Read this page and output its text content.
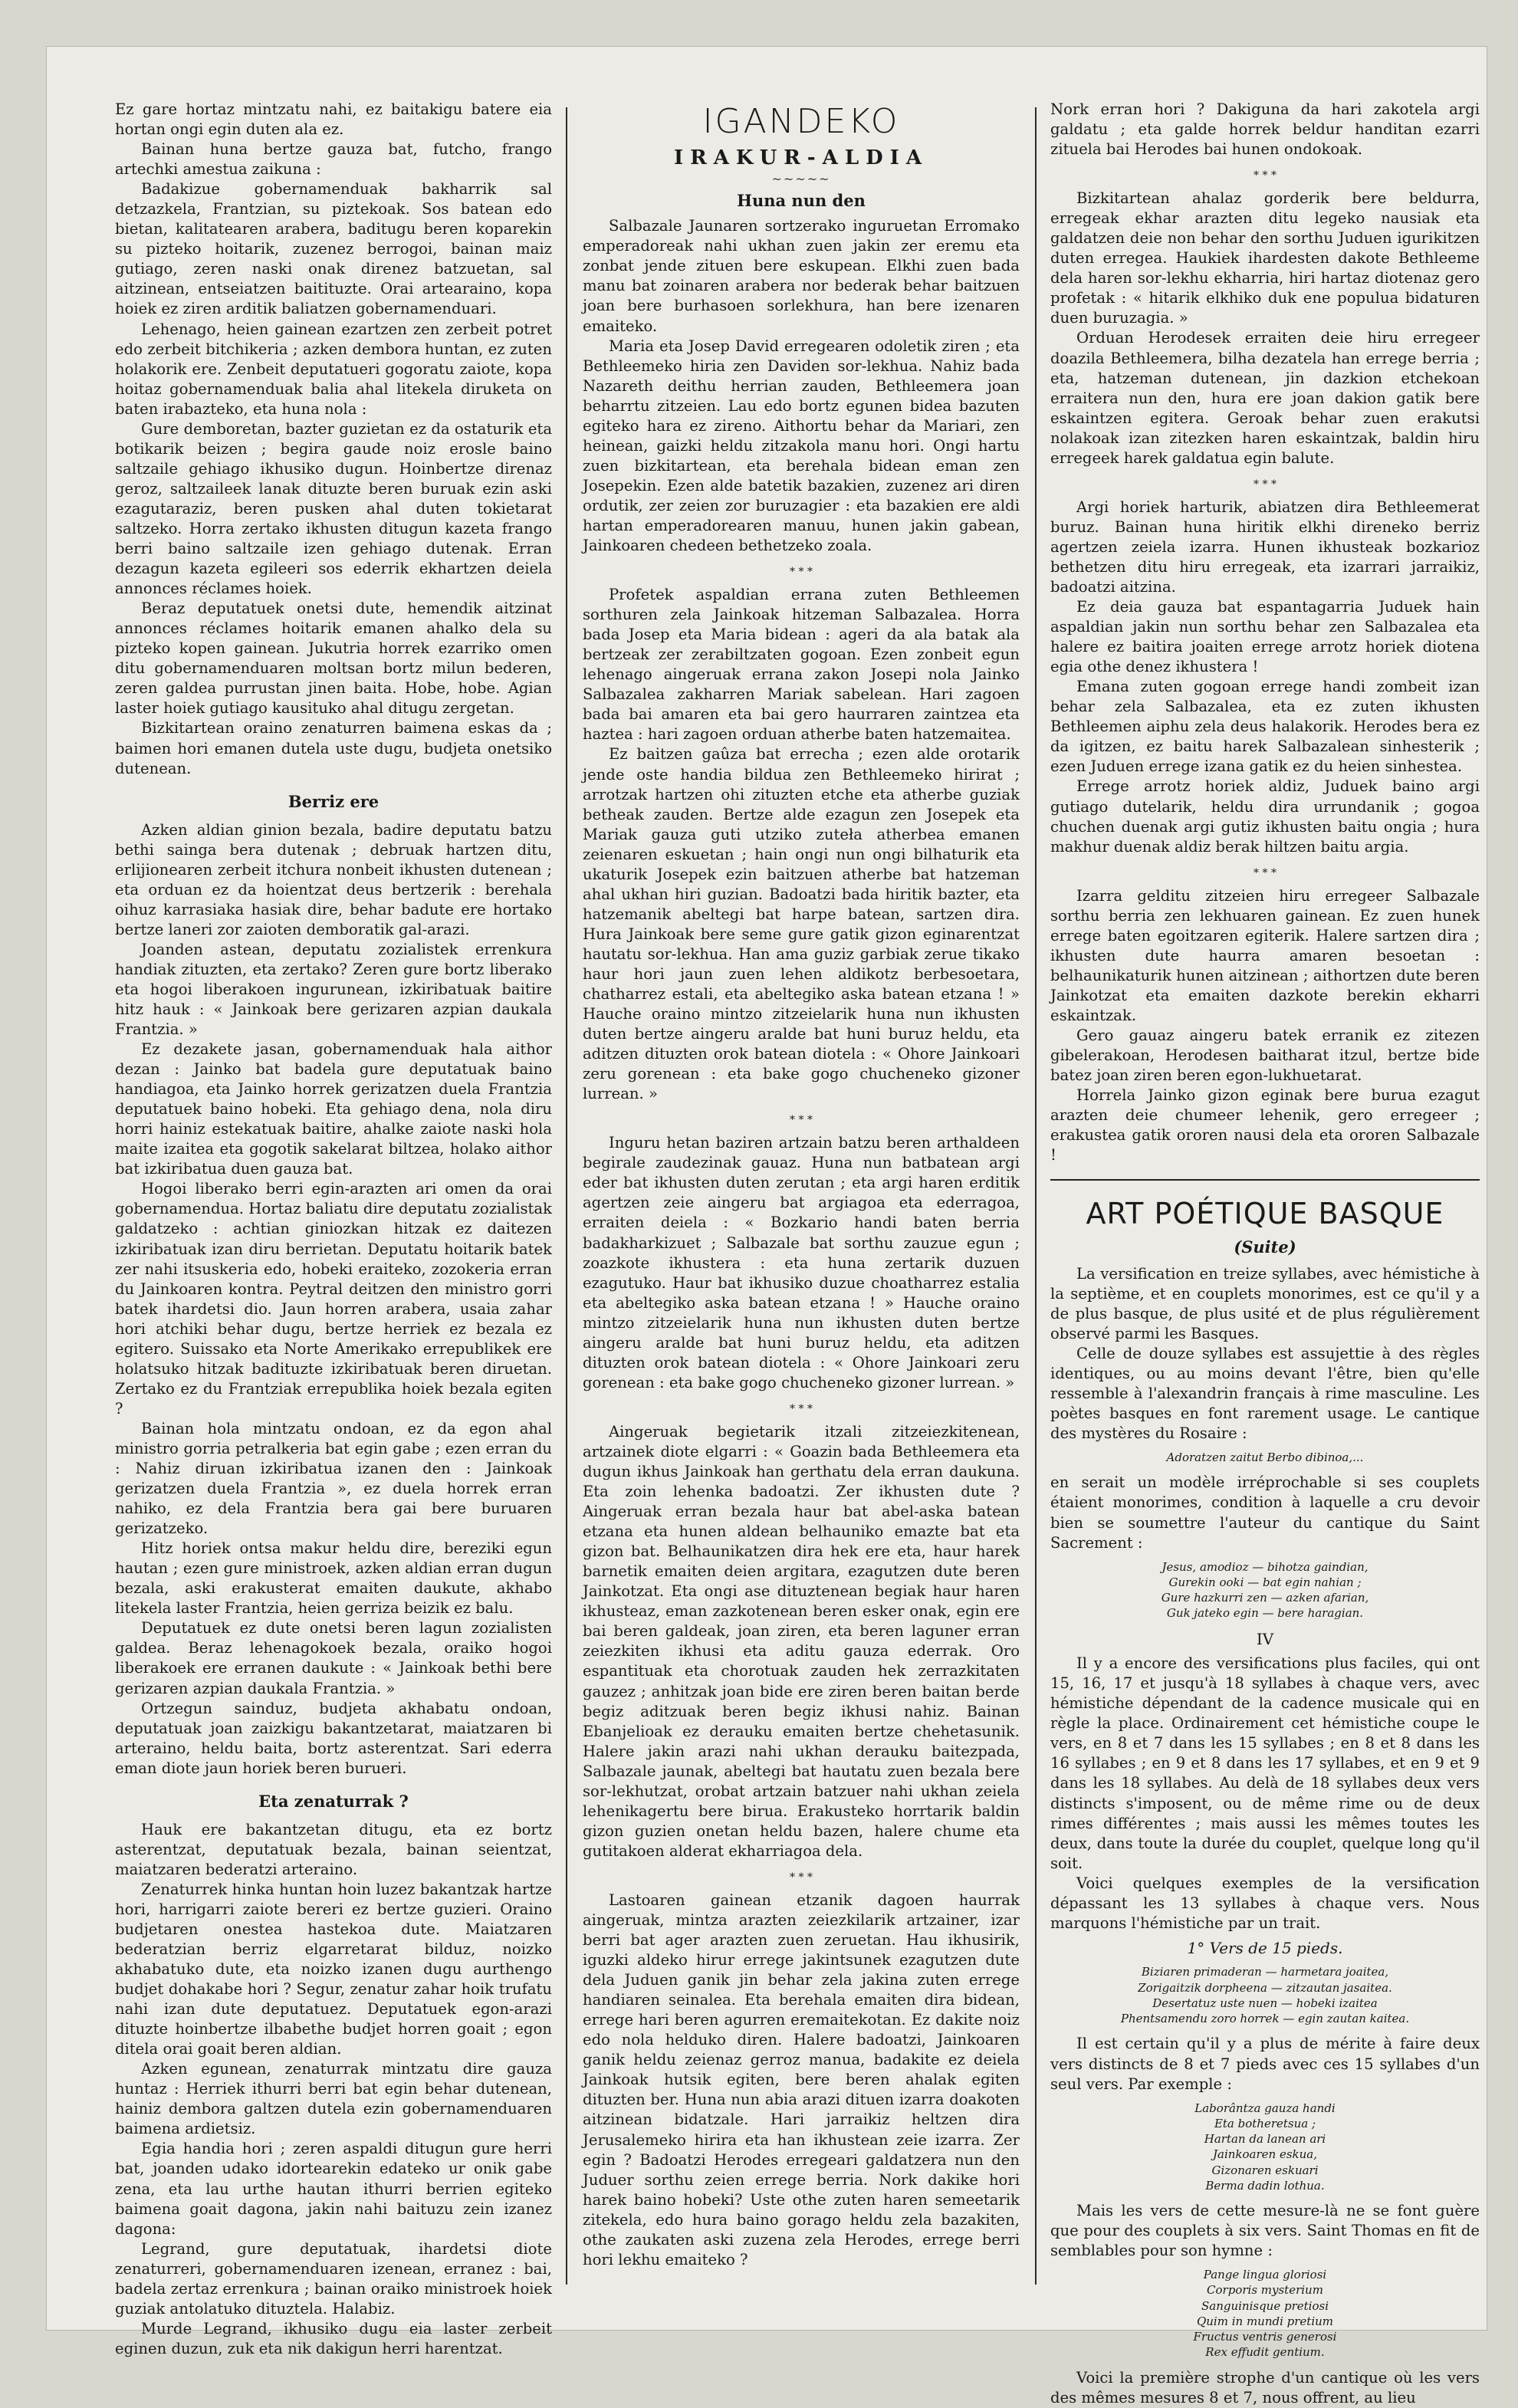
Ez gare hortaz mintzatu nahi, ez baitakigu batere eia hortan ongi egin duten ala ez.

Bainan huna bertze gauza bat, futcho, frango artechki amestua zaikuna :

Badakizue gobernamenduak bakharrik sal detzazkela, Frantzian, su piztekoak. Sos batean edo bietan, kalitatearen arabera, baditugu beren koparekin su pizteko hoitarik, zuzenez berrogoi, bainan maiz gutiago, zeren naski onak direnez batzuetan, sal aitzinean, entseiatzen baitituzte. Orai artearaino, kopa hoiek ez ziren arditik baliatzen gobernamenduari.

Lehenago, heien gainean ezartzen zen zerbeit potret edo zerbeit bitchikeria ; azken dembora huntan, ez zuten holakorik ere. Zenbeit deputatueri gogoratu zaiote, kopa hoitaz gobernamenduak balia ahal litekela diruketa on baten irabazteko, eta huna nola :

Gure demboretan, bazter guzietan ez da ostaturik eta botikarik beizen ; begira gaude noiz erosle baino saltzaile gehiago ikhusiko dugun. Hoinbertze direnaz geroz, saltzaileek lanak dituzte beren buruak ezin aski ezagutaraziz, beren pusken ahal duten tokietarat saltzeko. Horra zertako ikhusten ditugun kazeta frango berri baino saltzaile izen gehiago dutenak. Erran dezagun kazeta egileeri sos ederrik ekhartzen deiela annonces réclames hoiek.

Beraz deputatuek onetsi dute, hemendik aitzinat annonces réclames hoitarik emanen ahalko dela su pizteko kopen gainean. Jukutria horrek ezarriko omen ditu gobernamenduaren moltsan bortz milun bederen, zeren galdea purrustan jinen baita. Hobe, hobe. Agian laster hoiek gutiago kausituko ahal ditugu zergetan.

Bizkitartean oraino zenaturren baimena eskas da ; baimen hori emanen dutela uste dugu, budjeta onetsiko dutenean.

Berriz ere

Azken aldian ginion bezala, badire deputatu batzu bethi sainga bera dutenak ; debruak hartzen ditu, erlijionearen zerbeit itchura nonbeit ikhusten dutenean ; eta orduan ez da hoientzat deus bertzerik : berehala oihuz karrasiaka hasiak dire, behar badute ere hortako bertze laneri zor zaioten demboratik gal-arazi.

Joanden astean, deputatu zozialistek errenkura handiak zituzten, eta zertako? Zeren gure bortz liberako eta hogoi liberakoen ingurunean, izkiribatuak baitire hitz hauk : « Jainkoak bere gerizaren azpian daukala Frantzia. »

Ez dezakete jasan, gobernamenduak hala aithor dezan : Jainko bat badela gure deputatuak baino handiagoa, eta Jainko horrek gerizatzen duela Frantzia deputatuek baino hobeki. Eta gehiago dena, nola diru horri hainiz estekatuak baitire, ahalke zaiote naski hola maite izaitea eta gogotik sakelarat biltzea, holako aithor bat izkiribatua duen gauza bat.

Hogoi liberako berri egin-arazten ari omen da orai gobernamendua. Hortaz baliatu dire deputatu zozialistak galdatzeko : achtian giniozkan hitzak ez daitezen izkiribatuak izan diru berrietan. Deputatu hoitarik batek zer nahi itsuskeria edo, hobeki eraiteko, zozokeria erran du Jainkoaren kontra. Peytral deitzen den ministro gorri batek ihardetsi dio. Jaun horren arabera, usaia zahar hori atchiki behar dugu, bertze herriek ez bezala ez egitero. Suissako eta Norte Amerikako errepublikek ere holatsuko hitzak badituzte izkiribatuak beren diruetan. Zertako ez du Frantziak errepublika hoiek bezala egiten ?

Bainan hola mintzatu ondoan, ez da egon ahal ministro gorria petralkeria bat egin gabe ; ezen erran du : Nahiz diruan izkiribatua izanen den : Jainkoak gerizatzen duela Frantzia », ez duela horrek erran nahiko, ez dela Frantzia bera gai bere buruaren gerizatzeko.

Hitz horiek ontsa makur heldu dire, bereziki egun hautan ; ezen gure ministroek, azken aldian erran dugun bezala, aski erakusterat emaiten daukute, akhabo litekela laster Frantzia, heien gerriza beizik ez balu.

Deputatuek ez dute onetsi beren lagun zozialisten galdea. Beraz lehenagokoek bezala, oraiko hogoi liberakoek ere erranen daukute : « Jainkoak bethi bere gerizaren azpian daukala Frantzia. »

Ortzegun sainduz, budjeta akhabatu ondoan, deputatuak joan zaizkigu bakantzetarat, maiatzaren bi arteraino, heldu baita, bortz asterentzat. Sari ederra eman diote jaun horiek beren burueri.

Eta zenaturrak ?

Hauk ere bakantzetan ditugu, eta ez bortz asterentzat, deputatuak bezala, bainan seientzat, maiatzaren bederatzi arteraino.

Zenaturrek hinka huntan hoin luzez bakantzak hartze hori, harrigarri zaiote bereri ez bertze guzieri. Oraino budjetaren onestea hastekoa dute. Maiatzaren bederatzian berriz elgarretarat bilduz, noizko akhabatuko dute, eta noizko izanen dugu aurthengo budjet dohakabe hori ? Segur, zenatur zahar hoik trufatu nahi izan dute deputatuez. Deputatuek egon-arazi dituzte hoinbertze ilbabethe budjet horren goait ; egon ditela orai goait beren aldian.

Azken egunean, zenaturrak mintzatu dire gauza huntaz : Herriek ithurri berri bat egin behar dutenean, hainiz dembora galtzen dutela ezin gobernamenduaren baimena ardietsiz.

Egia handia hori ; zeren aspaldi ditugun gure herri bat, joanden udako idortearekin edateko ur onik gabe zena, eta lau urthe hautan ithurri berrien egiteko baimena goait dagona, jakin nahi baituzu zein izanez dagona:

Legrand, gure deputatuak, ihardetsi diote zenaturreri, gobernamenduaren izenean, erranez : bai, badela zertaz errenkura ; bainan oraiko ministroek hoiek guziak antolatuko dituztela. Halabiz.

Murde Legrand, ikhusiko dugu eia laster zerbeit eginen duzun, zuk eta nik dakigun herri harentzat.

IGANDEKO
IRAKUR-ALDIA
~~~~~
Huna nun den

Salbazale Jaunaren sortzerako inguruetan Erromako emperadoreak nahi ukhan zuen jakin zer eremu eta zonbat jende zituen bere eskupean. Elkhi zuen bada manu bat zoinaren arabera nor bederak behar baitzuen joan bere burhasoen sorlekhura, han bere izenaren emaiteko.

Maria eta Josep David erregearen odoletik ziren ; eta Bethleemeko hiria zen Daviden sor-lekhua. Nahiz bada Nazareth deithu herrian zauden, Bethleemera joan beharrtu zitzeien. Lau edo bortz egunen bidea bazuten egiteko hara ez zireno. Aithortu behar da Mariari, zen heinean, gaizki heldu zitzakola manu hori. Ongi hartu zuen bizkitartean, eta berehala bidean eman zen Josepekin. Ezen alde batetik bazakien, zuzenez ari diren ordutik, zer zeien zor buruzagier : eta bazakien ere aldi hartan emperadorearen manuu, hunen jakin gabean, Jainkoaren chedeen bethetzeko zoala.

* * *

Profetek aspaldian errana zuten Bethleemen sorthuren zela Jainkoak hitzeman Salbazalea. Horra bada Josep eta Maria bidean : ageri da ala batak ala bertzeak zer zerabiltzaten gogoan. Ezen zonbeit egun lehenago aingeruak errana zakon Josepi nola Jainko Salbazalea zakharren Mariak sabelean. Hari zagoen bada bai amaren eta bai gero haurraren zaintzea eta haztea : hari zagoen orduan atherbe baten hatzemaitea.

Ez baitzen gaûza bat errecha ; ezen alde orotarik jende oste handia bildua zen Bethleemeko hirirat ; arrotzak hartzen ohi zituzten etche eta atherbe guziak betheak zauden. Bertze alde ezagun zen Josepek eta Mariak gauza guti utziko zuteła atherbea emanen zeienaren eskuetan ; hain ongi nun ongi bilhaturik eta ukaturik Josepek ezin baitzuen atherbe bat hatzeman ahal ukhan hiri guzian. Badoatzi bada hiritik bazter, eta hatzemanik abeltegi bat harpe batean, sartzen dira. Hura Jainkoak bere seme gure gatik gizon eginarentzat hautatu sor-lekhua. Han ama guziz garbiak zerue tikako haur hori jaun zuen lehen aldikotz berbesoetara, chatharrez estali, eta abeltegiko aska batean etzana ! » Hauche oraino mintzo zitzeielarik huna nun ikhusten duten bertze aingeru araldе bat huni buruz heldu, eta aditzen dituzten orok batean diotela : « Ohore Jainkoari zeru gorenean : eta bake gogo chucheneko gizoner lurrean. »

* * *

Inguru hetan bazirеn artzain batzu beren arthaldeen begirale zaudezinak gauaz. Huna nun batbatean argi eder bat ikhusten duten zerutan ; eta argi haren erditik agertzen zeie aingeru bat argiagoa eta ederragoa, erraiten deiela : « Bozkario handi baten berria badakharkizuet ; Salbazale bat sorthu zauzue egun ; zoazkote ikhustera : eta huna zertarik duzuen ezagutuko. Haur bat ikhusiko duzue choatharrez estalia eta abeltegiko aska batean etzana ! » Hauche oraino mintzo zitzeielarik huna nun ikhusten duten bertze aingeru aralde bat huni buruz heldu, eta aditzen dituzten orok batean diotela : « Ohore Jainkoari zeru gorenean : eta bake gogo chucheneko gizoner lurrean. »

* * *

Aingeruak begietarik itzali zitzeiezkitenean, artzainek diote elgarri : « Goazin bada Bethleemera eta dugun ikhus Jainkoak han gerthatu dela erran daukuna. Eta zoin lehenka badoatzi. Zer ikhusten dute ? Aingeruak erran bezala haur bat abel-aska batean etzana eta hunen aldean belhauniko emazte bat eta gizon bat. Belhaunikatzen dira hek ere eta, haur harek barnetik emaiten deien argitara, ezagutzen dute beren Jainkotzat. Eta ongi ase dituztenean begiak haur haren ikhusteaz, eman zazkotenean beren esker onak, egin ere bai beren galdeak, joan ziren, eta beren laguner erran zeiezkiten ikhusi eta aditu gauza ederrak. Oro espantituak eta chorotuak zauden hek zerrazkitaten gauzez ; anhitzak joan bide ere ziren beren baitan berde begiz aditzuak beren begiz ikhusi nahiz. Bainan Ebanjelioak ez derauku emaiten bertze chehetasunik. Halere jakin arazi nahi ukhan derauku baitezpada, Salbazale jaunak, abeltegi bat hautatu zuen bezala bere sor-lekhutzat, orobat artzain batzuer nahi ukhan zeiela lehenikagertu bere birua. Erakusteko horrtarik baldin gizon guzien onetan heldu bazen, halere chume eta gutitakoen alderat ekharriagoa dela.

* * *

Lastoaren gainean etzanik dagoen haurrak aingeruak, mintza arazten zeiezkilarik artzainer, izar berri bat ager arazten zuen zeruetan. Hau ikhusirik, iguzki aldeko hirur errege jakintsunek ezagutzen dute dela Juduen ganik jin behar zela jakina zuten errege handiaren seinalea. Eta berehala emaiten dira bidean, errege hari beren agurren eremaitekotan. Ez dakite noiz edo nola helduko diren. Halere badoatzi, Jainkoaren ganik heldu zeienaz gerroz manua, badakite ez deiela Jainkoak hutsik egiten, bere beren ahalak egiten dituzten ber. Huna nun abia arazi dituen izarra doakoten aitzinean bidatzale. Hari jarraikiz heltzen dira Jerusalemeko hirira eta han ikhustean zeie izarra. Zer egin ? Badoatzi Herodes erregeari galdatzera nun den Juduer sorthu zeien errege berria. Nork dakike hori harek baino hobeki? Uste othe zuten haren semeetarik zitekela, edo hura baino gorago heldu zela bazakiten, othe zaukaten aski zuzena zela Herodes, errege berri hori lekhu emaiteko ?

Nork erran hori ? Dakiguna da hari zakotela argi galdatu ; eta galde horrek beldur handitan ezarri zituela bai Herodes bai hunen ondokoak.

* * *

Bizkitartean ahalaz gorderik bere beldurra, erregeak ekhar arazten ditu legeko nausiak eta galdatzen deie non behar den sorthu Juduen igurikitzen duten erregea. Haukiek ihardesten dakote Bethleeme dela haren sor-lekhu ekharria, hiri hartaz diotenaz gero profetak : « hitarik elkhiko duk ene populua bidaturen duen buruzagia. »

Orduan Herodesek erraiten deie hiru erregeer doazila Bethleemera, bilha dezatela han errege berria ; eta, hatzeman dutenean, jin dazkion etchekoan erraitera nun den, hura ere joan dakion gatik bere eskaintzen egitera. Geroak behar zuen erakutsi nolakoak izan zitezken haren eskaintzak, baldin hiru erregeek harek galdatua egin balute.

* * *

Argi horiek harturik, abiatzen dira Bethleemerat buruz. Bainan huna hiritik elkhi direneko berriz agertzen zeiela izarra. Hunen ikhusteak bozkarioz bethetzen ditu hiru erregeak, eta izarrari jarraikiz, badoatzi aitzina.

Ez deia gauza bat espantagarria Juduek hain aspaldian jakin nun sorthu behar zen Salbazalea eta halere ez baitira joaiten errege arrotz horiek diotena egia othe denez ikhustera !

Emana zuten gogoan errege handi zombeit izan behar zela Salbazalea, eta ez zuten ikhusten Bethleemen aiphu zela deus halakorik. Herodes bera ez da igitzen, ez baitu harek Salbazalean sinhesterik ; ezen Juduen errege izana gatik ez du heien sinhestea.

Errege arrotz horiek aldiz, Juduek baino argi gutiago dutelarik, heldu dira urrundanik ; gogoa chuchen duenak argi gutiz ikhusten baitu ongia ; hura makhur duenak aldiz berak hiltzen baitu argia.

* * *

Izarra gelditu zitzeien hiru erregeer Salbazale sorthu berria zen lekhuaren gainean. Ez zuen hunek errege baten egoitzaren egiterik. Halere sartzen dira ; ikhusten dute haurra amaren besoetan : belhaunikaturik hunen aitzinean ; aithortzen dute beren Jainkotzat eta emaiten dazkote berekin ekharri eskaintzak.

Gero gauaz aingeru batek erranik ez zitezen gibelerakoan, Herodesen baitharat itzul, bertze bide batez joan ziren beren egon-lukhuetarat.

Horrela Jainko gizon eginak bere burua ezagut arazten deie chumeer lehenik, gero erregeer ; erakustea gatik ororen nausi dela eta ororen Salbazale !

ART POÉTIQUE BASQUE
(Suite)

La versification en treize syllabes, avec hémistiche à la septième, et en couplets monorimes, est ce qu'il y a de plus basque, de plus usité et de plus régulièrement observé parmi les Basques.

Celle de douze syllabes est assujettie à des règles identiques, ou au moins devant l'être, bien qu'elle ressemble à l'alexandrin français à rime masculine. Les poètes basques en font rarement usage. Le cantique des mystères du Rosaire :

Adoratzen zaitut Berbo dibinoa,...

en serait un modèle irréprochable si ses couplets étaient monorimes, condition à laquelle a cru devoir bien se soumettre l'auteur du cantique du Saint Sacrement :

Jesus, amodioz — bihotza gaindian,
Gurekin ooki — bat egin nahian ;
Gure hazkurri zen — azken afarian,
Guk jateko egin — bere haragian.
IV

Il y a encore des versifications plus faciles, qui ont 15, 16, 17 et jusqu'à 18 syllabes à chaque vers, avec hémistiche dépendant de la cadence musicale qui en règle la place. Ordinairement cet hémistiche coupe le vers, en 8 et 7 dans les 15 syllabes ; en 8 et 8 dans les 16 syllabes ; en 9 et 8 dans les 17 syllabes, et en 9 et 9 dans les 18 syllabes. Au delà de 18 syllabes deux vers distincts s'imposent, ou de même rime ou de deux rimes différentes ; mais aussi les mêmes toutes les deux, dans toute la durée du couplet, quelque long qu'il soit.

Voici quelques exemples de la versification dépassant les 13 syllabes à chaque vers. Nous marquons l'hémistiche par un trait.

1° Vers de 15 pieds.
Biziaren primaderan — harmetara joaitea,
Zorigaitzik dorpheena — zitzautan jasaitea.
Desertatuz uste nuen — hobeki izaitea
Phentsamendu zoro horrek — egin zautan kaitea.

Il est certain qu'il y a plus de mérite à faire deux vers distincts de 8 et 7 pieds avec ces 15 syllabes d'un seul vers. Par exemple :

Laborântza gauza handi
Eta botheretsua ;
Hartan da lanean ari
Jainkoaren eskua,
Gizonaren eskuari
Berma dadin lothua.

Mais les vers de cette mesure-là ne se font guère que pour des couplets à six vers. Saint Thomas en fit de semblables pour son hymne :

Pange lingua gloriosi
Corporis mysterium
Sanguinisque pretiosi
Quim in mundi pretium
Fructus ventris generosi
Rex effudit gentium.

Voici la première strophe d'un cantique où les vers des mêmes mesures 8 et 7, nous offrent, au lieu
